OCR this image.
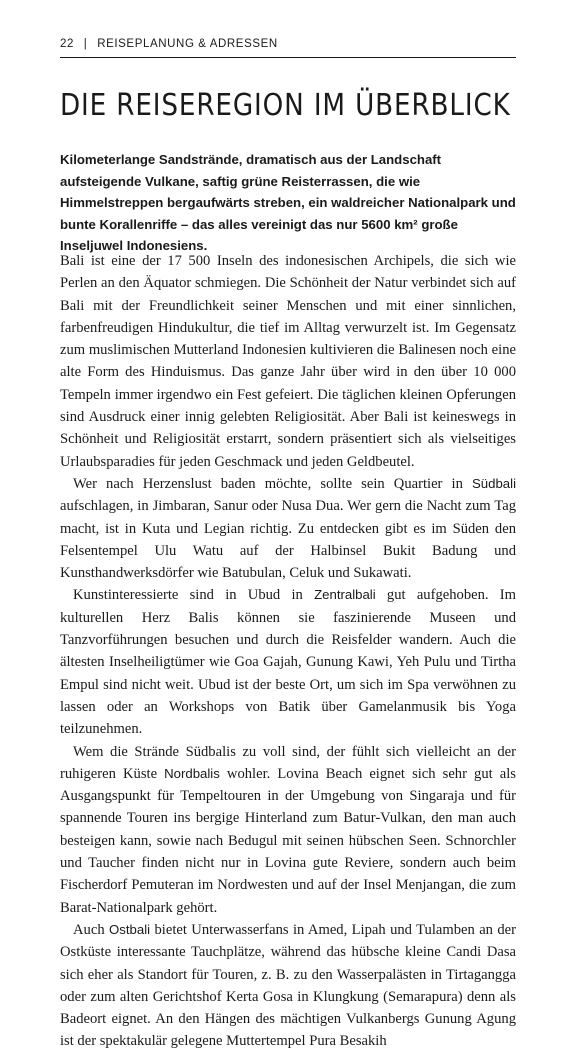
22 | REISEPLANUNG & ADRESSEN
DIE REISEREGION IM ÜBERBLICK

Kilometerlange Sandstrände, dramatisch aus der Landschaft aufsteigende Vulkane, saftig grüne Reisterrassen, die wie Himmelstreppen bergaufwärts streben, ein waldreicher Nationalpark und bunte Korallenriffe – das alles vereinigt das nur 5600 km² große Inseljuwel Indonesiens.

Bali ist eine der 17 500 Inseln des indonesischen Archipels, die sich wie Perlen an den Äquator schmiegen. Die Schönheit der Natur verbindet sich auf Bali mit der Freundlichkeit seiner Menschen und mit einer sinnlichen, farbenfreudigen Hindukultur, die tief im Alltag verwurzelt ist. Im Gegensatz zum muslimischen Mutterland Indonesien kultivieren die Balinesen noch eine alte Form des Hinduismus. Das ganze Jahr über wird in den über 10 000 Tempeln immer irgendwo ein Fest gefeiert. Die täglichen kleinen Opferungen sind Ausdruck einer innig gelebten Religiosität. Aber Bali ist keineswegs in Schönheit und Religiosität erstarrt, sondern präsentiert sich als vielseitiges Urlaubsparadies für jeden Geschmack und jeden Geldbeutel.

Wer nach Herzenslust baden möchte, sollte sein Quartier in Südbali aufschlagen, in Jimbaran, Sanur oder Nusa Dua. Wer gern die Nacht zum Tag macht, ist in Kuta und Legian richtig. Zu entdecken gibt es im Süden den Felsentempel Ulu Watu auf der Halbinsel Bukit Badung und Kunsthandwerksdörfer wie Batubulan, Celuk und Sukawati.

Kunstinteressierte sind in Ubud in Zentralbali gut aufgehoben. Im kulturellen Herz Balis können sie faszinierende Museen und Tanzvorführungen besuchen und durch die Reisfelder wandern. Auch die ältesten Inselheiligtümer wie Goa Gajah, Gunung Kawi, Yeh Pulu und Tirtha Empul sind nicht weit. Ubud ist der beste Ort, um sich im Spa verwöhnen zu lassen oder an Workshops von Batik über Gamelanmusik bis Yoga teilzunehmen.

Wem die Strände Südbalis zu voll sind, der fühlt sich vielleicht an der ruhigeren Küste Nordbalis wohler. Lovina Beach eignet sich sehr gut als Ausgangspunkt für Tempeltouren in der Umgebung von Singaraja und für spannende Touren ins bergige Hinterland zum Batur-Vulkan, den man auch besteigen kann, sowie nach Bedugul mit seinen hübschen Seen. Schnorchler und Taucher finden nicht nur in Lovina gute Reviere, sondern auch beim Fischerdorf Pemuteran im Nordwesten und auf der Insel Menjangan, die zum Barat-Nationalpark gehört.

Auch Ostbali bietet Unterwasserfans in Amed, Lipah und Tulamben an der Ostküste interessante Tauchplätze, während das hübsche kleine Candi Dasa sich eher als Standort für Touren, z. B. zu den Wasserpalästen in Tirtagangga oder zum alten Gerichtshof Kerta Gosa in Klungkung (Semarapura) denn als Badeort eignet. An den Hängen des mächtigen Vulkanbergs Gunung Agung ist der spektakulär gelegene Muttertempel Pura Besakih
